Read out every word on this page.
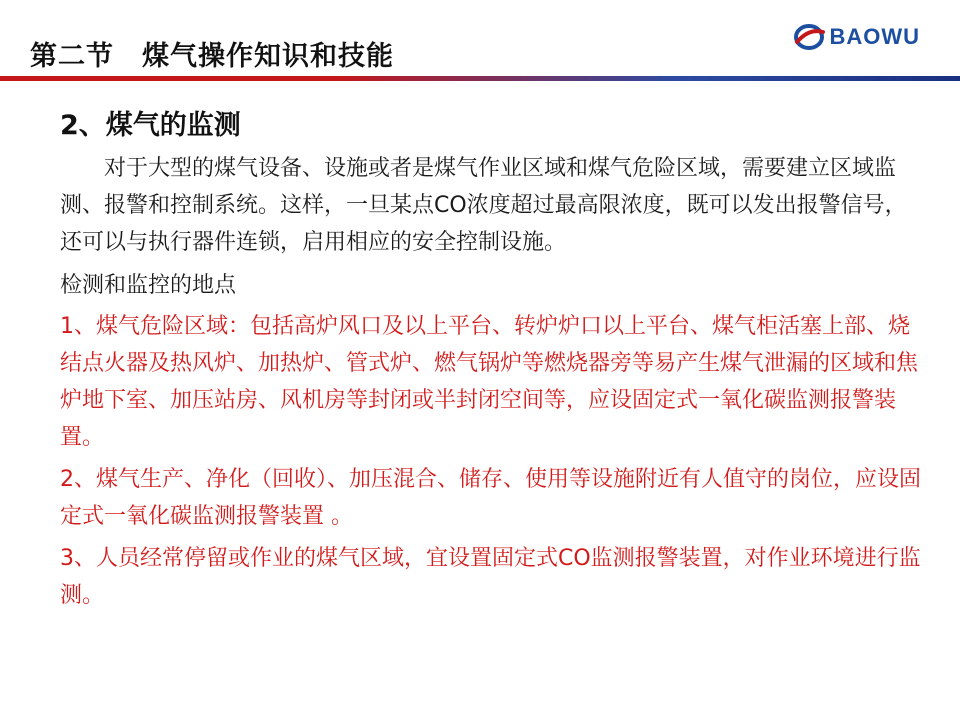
第二节　煤气操作知识和技能
BAOWU
2、煤气的监测

对于大型的煤气设备、设施或者是煤气作业区域和煤气危险区域，需要建立区域监测、报警和控制系统。这样，一旦某点CO浓度超过最高限浓度，既可以发出报警信号，还可以与执行器件连锁，启用相应的安全控制设施。

检测和监控的地点

1、煤气危险区域：包括高炉风口及以上平台、转炉炉口以上平台、煤气柜活塞上部、烧结点火器及热风炉、加热炉、管式炉、燃气锅炉等燃烧器旁等易产生煤气泄漏的区域和焦炉地下室、加压站房、风机房等封闭或半封闭空间等，应设固定式一氧化碳监测报警装置。

2、煤气生产、净化（回收）、加压混合、储存、使用等设施附近有人值守的岗位，应设固定式一氧化碳监测报警装置 。

3、人员经常停留或作业的煤气区域，宜设置固定式CO监测报警装置，对作业环境进行监测。
